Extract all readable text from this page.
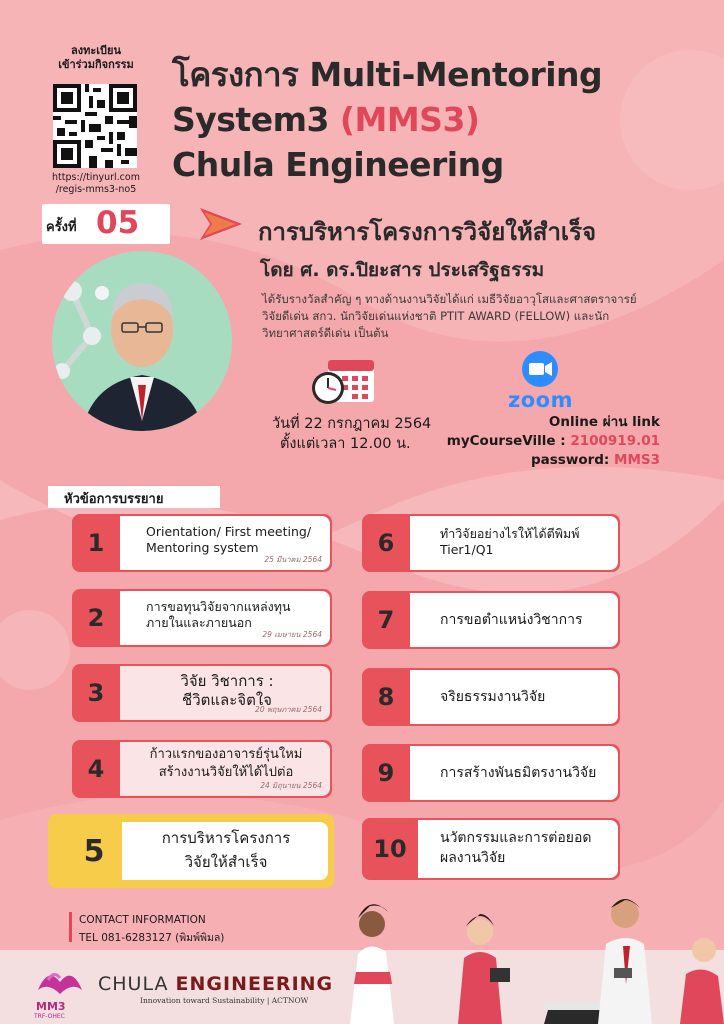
ลงทะเบียน
เข้าร่วมกิจกรรม
https://tinyurl.com
/regis-mms3-no5
โครงการ Multi-Mentoring
System3 (MMS3)
Chula Engineering
ครั้งที่ 05	การบริหารโครงการวิจัยให้สำเร็จ
โดย ศ. ดร.ปิยะสาร ประเสริฐธรรม
ได้รับรางวัลสำคัญ ๆ ทางด้านงานวิจัยได้แก่ เมธีวิจัยอาวุโสและศาสตราจารย์วิจัยดีเด่น สกว. นักวิจัยเด่นแห่งชาติ PTIT AWARD (FELLOW) และนักวิทยาศาสตร์ดีเด่น เป็นต้น
วันที่ 22 กรกฎาคม 2564
ตั้งแต่เวลา 12.00 น.
zoom
Online ผ่าน link
myCourseVille : 2100919.01
password: MMS3
หัวข้อการบรรยาย
1	Orientation/ First meeting/
Mentoring system
25 มีนาคม 2564
2	การขอทุนวิจัยจากแหล่งทุน
ภายในและภายนอก
29 เมษายน 2564
3	วิจัย วิชาการ :
ชีวิตและจิตใจ
20 พฤษภาคม 2564
4
ก้าวแรกของอาจารย์รุ่นใหม่
สร้างงานวิจัยให้ได้ไปต่อ
24 มิถุนายน 2564
5	การบริหารโครงการ
วิจัยให้สำเร็จ
6	ทำวิจัยอย่างไรให้ได้ตีพิมพ์
Tier1/Q1
7	การขอตำแหน่งวิชาการ
8	จริยธรรมงานวิจัย
9	การสร้างพันธมิตรงานวิจัย
10	นวัตกรรมและการต่อยอด
ผลงานวิจัย
CONTACT INFORMATION
TEL 081-6283127 (พิมพ์พิมล)
MM3
TRF-OHEC
CHULA ENGINEERING
Innovation toward Sustainability | ACTNOW
